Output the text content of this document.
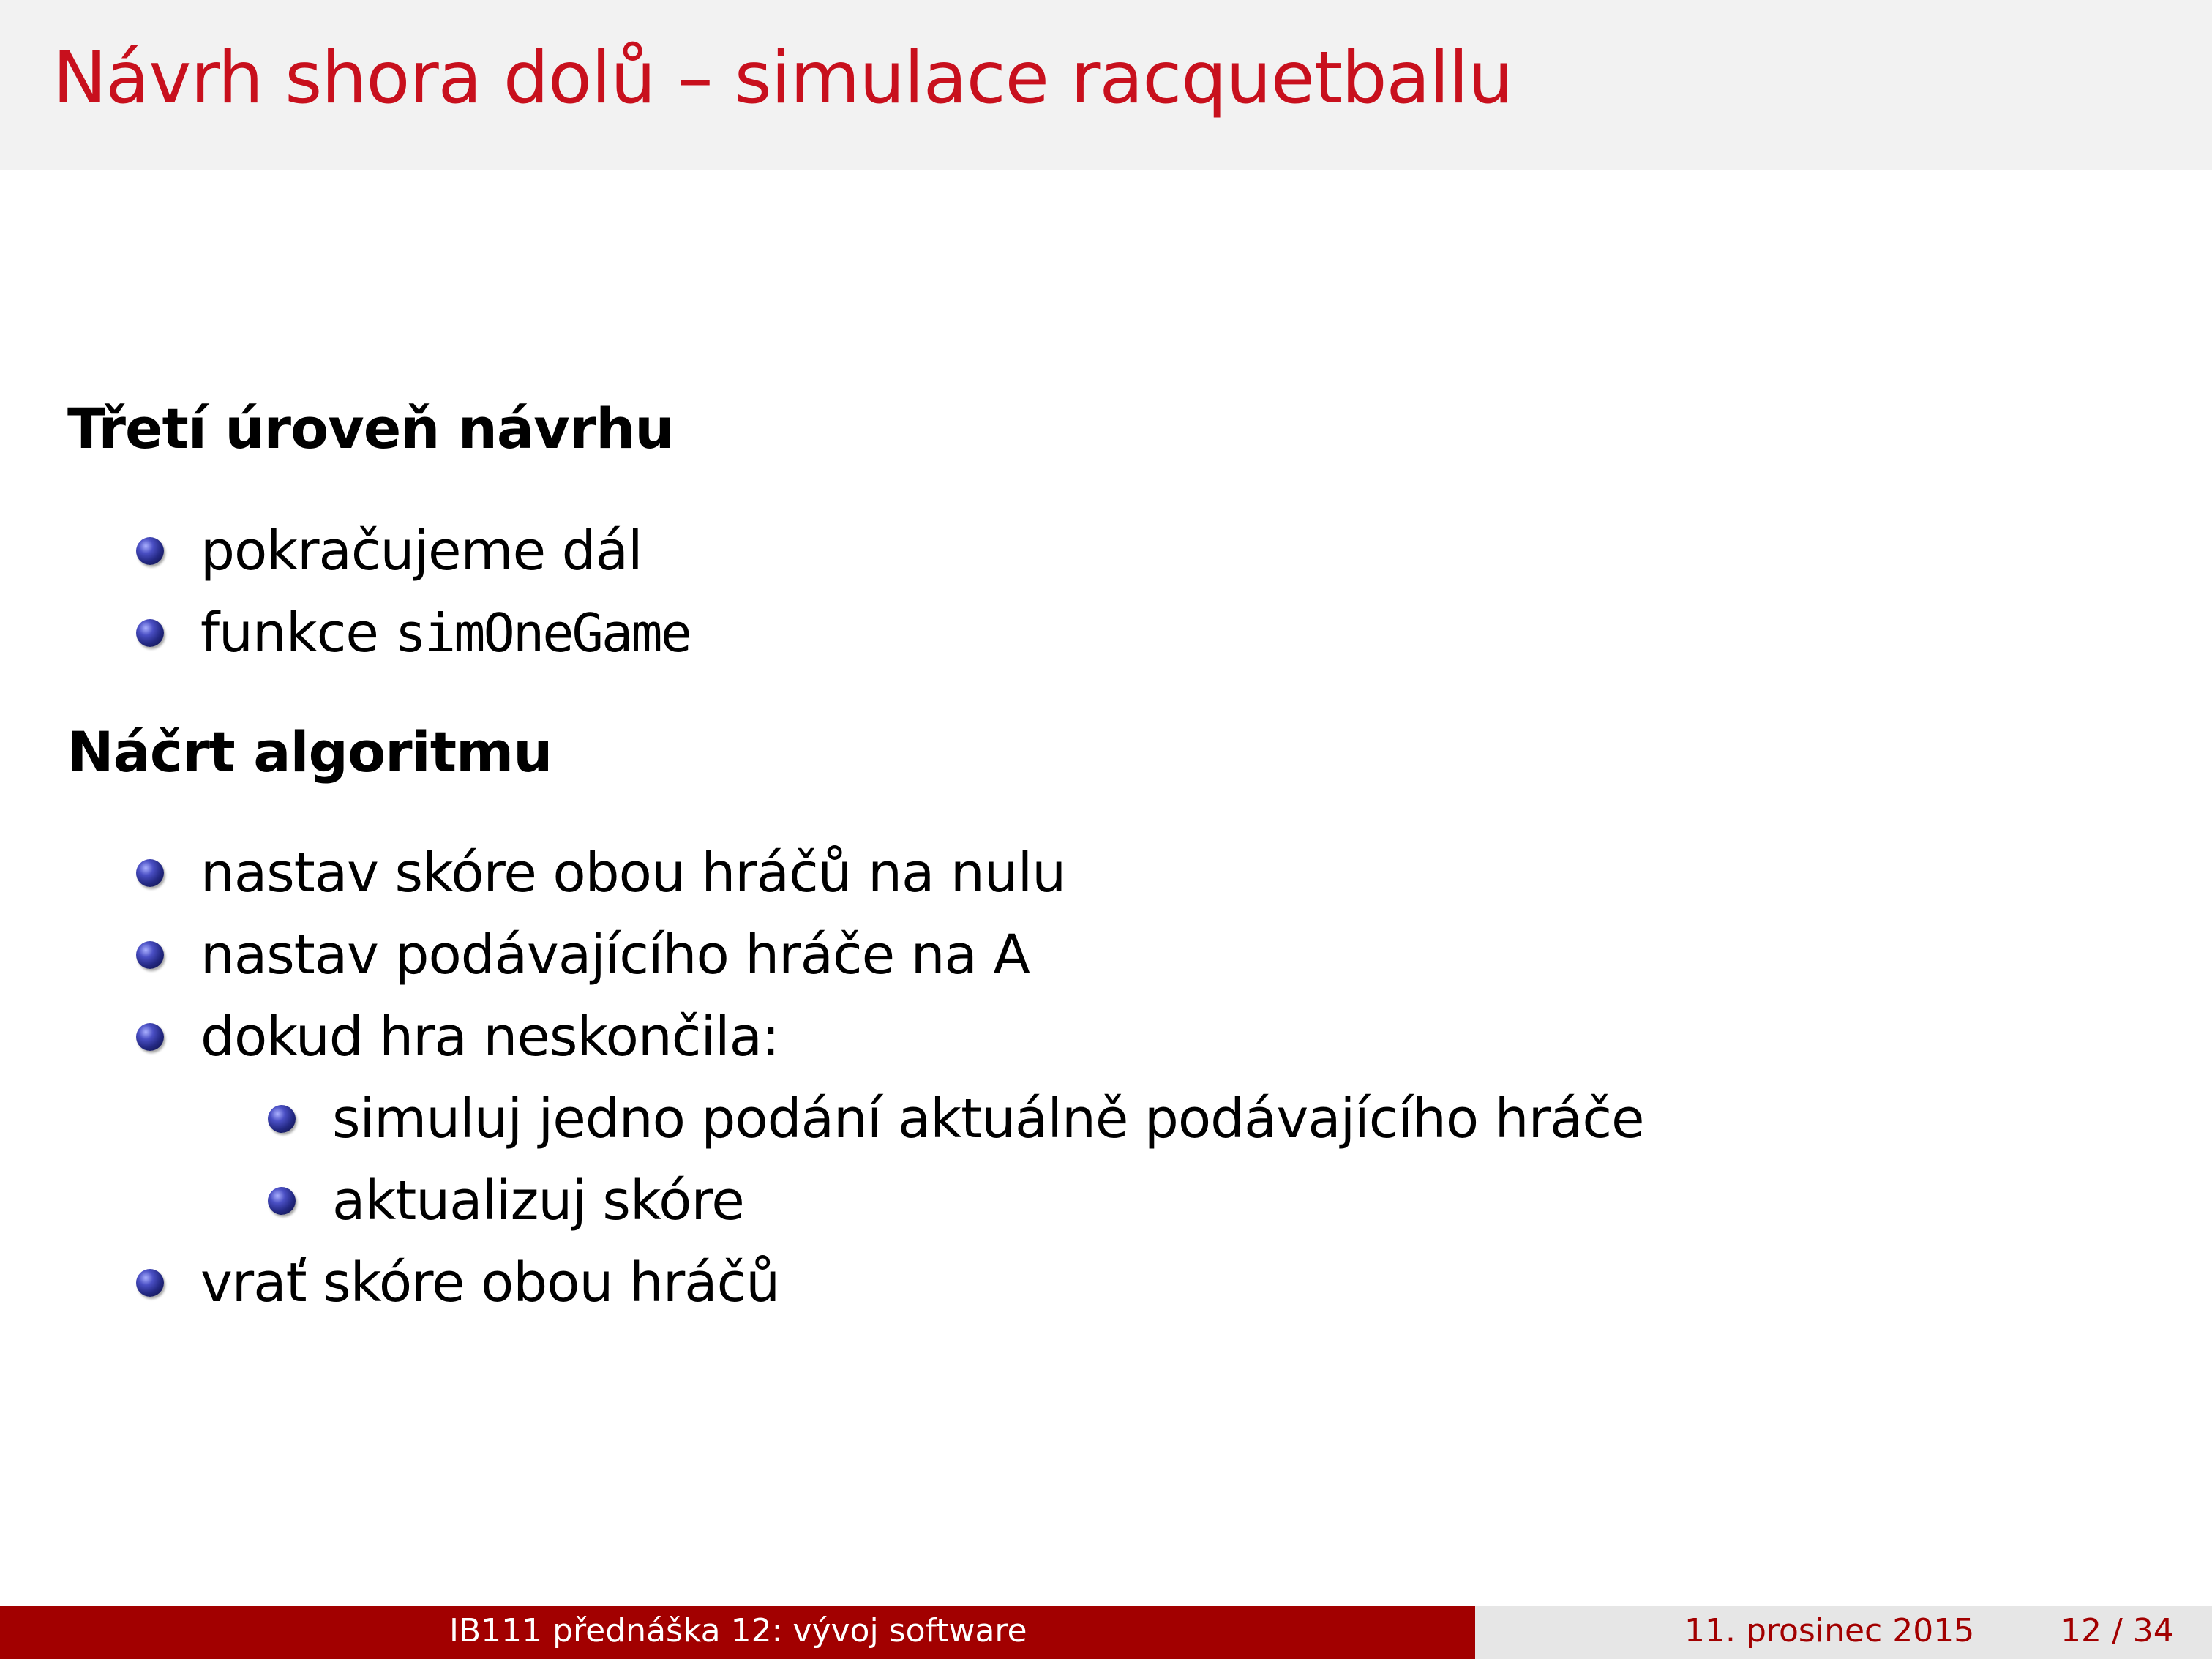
Návrh shora dolů – simulace racquetballu
Třetí úroveň návrhu
pokračujeme dál
funkce simOneGame
Náčrt algoritmu
nastav skóre obou hráčů na nulu
nastav podávajícího hráče na A
dokud hra neskončila:
simuluj jedno podání aktuálně podávajícího hráče
aktualizuj skóre
vrať skóre obou hráčů
IB111 přednáška 12: vývoj software	11. prosinec 2015	12 / 34
